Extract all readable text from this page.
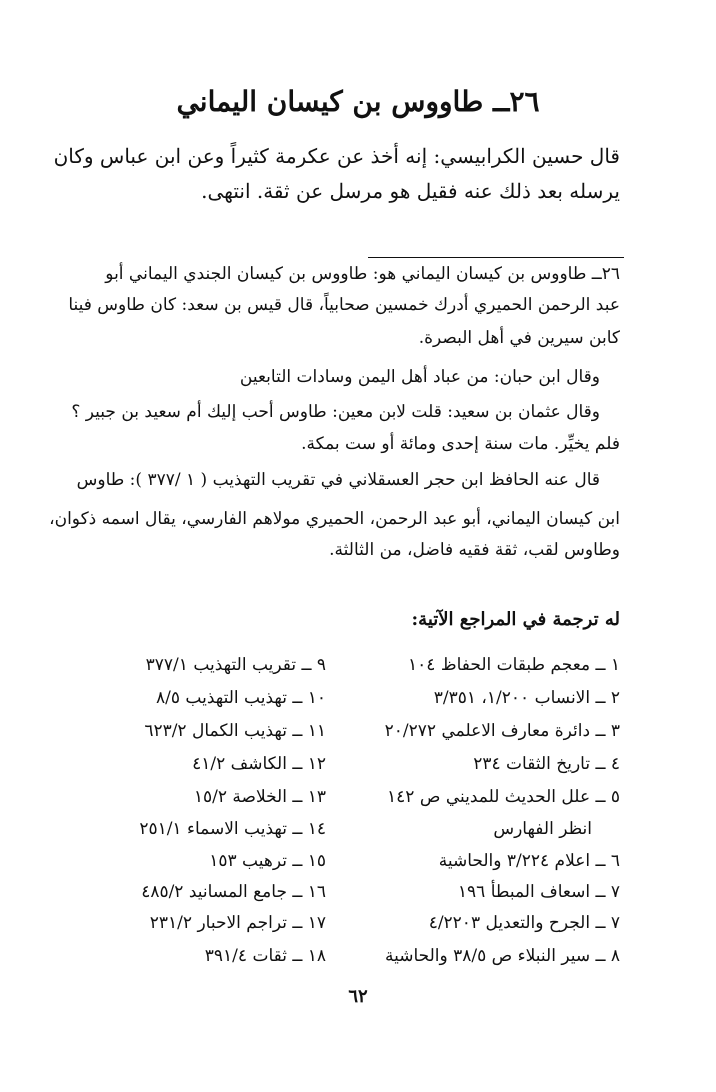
٢٦ــ طاووس بن كيسان اليماني
قال حسين الكرابيسي: إنه أخذ عن عكرمة كثيراً وعن ابن عباس وكان
يرسله بعد ذلك عنه فقيل هو مرسل عن ثقة. انتهى.
٢٦ــ طاووس بن كيسان اليماني هو: طاووس بن كيسان الجندي اليماني أبو
عبد الرحمن الحميري أدرك خمسين صحابياً، قال قيس بن سعد: كان طاوس فينا
كابن سيرين في أهل البصرة.
وقال ابن حبان: من عباد أهل اليمن وسادات التابعين
وقال عثمان بن سعيد: قلت لابن معين: طاوس أحب إليك أم سعيد بن جبير ؟
فلم يخيِّر. مات سنة إحدى ومائة أو ست بمكة.
قال عنه الحافظ ابن حجر العسقلاني في تقريب التهذيب ( ١ /٣٧٧ ): طاوس
ابن كيسان اليماني، أبو عبد الرحمن، الحميري مولاهم الفارسي، يقال اسمه ذكوان،
وطاوس لقب، ثقة فقيه فاضل، من الثالثة.
له ترجمة في المراجع الآتية:
١ ــ معجم طبقات الحفاظ ١٠٤
٢ ــ الانساب ١/٢٠٠، ٣/٣٥١
٣ ــ دائرة معارف الاعلمي ٢٠/٢٧٢
٤ ــ تاريخ الثقات ٢٣٤
٥ ــ علل الحديث للمديني ص ١٤٢
انظر الفهارس
٦ ــ اعلام ٣/٢٢٤ والحاشية
٧ ــ اسعاف المبطأ ١٩٦
٧ ــ الجرح والتعديل ٤/٢٢٠٣
٨ ــ سير النبلاء ص ٣٨/٥ والحاشية
٩ ــ تقريب التهذيب ٣٧٧/١
١٠ ــ تهذيب التهذيب ٨/٥
١١ ــ تهذيب الكمال ٦٢٣/٢
١٢ ــ الكاشف ٤١/٢
١٣ ــ الخلاصة ١٥/٢
١٤ ــ تهذيب الاسماء ٢٥١/١
١٥ ــ ترهيب ١٥٣
١٦ ــ جامع المسانيد ٤٨٥/٢
١٧ ــ تراجم الاحبار ٢٣١/٢
١٨ ــ ثقات ٣٩١/٤
٦٢
